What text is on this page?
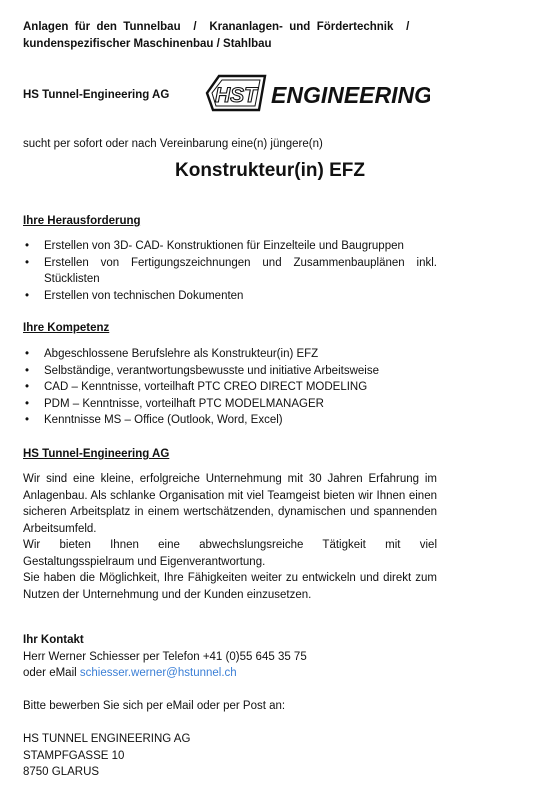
Anlagen  für  den  Tunnelbau    /    Krananlagen-  und  Fördertechnik    /
kundenspezifischer Maschinenbau / Stahlbau
HS Tunnel-Engineering AG	HST ENGINEERING
sucht per sofort oder nach Vereinbarung eine(n) jüngere(n)
Konstrukteur(in) EFZ
Ihre Herausforderung
• Erstellen von 3D- CAD- Konstruktionen für Einzelteile und Baugruppen
• Erstellen von Fertigungszeichnungen und Zusammenbauplänen inkl. Stücklisten
• Erstellen von technischen Dokumenten
Ihre Kompetenz
• Abgeschlossene Berufslehre als Konstrukteur(in) EFZ
• Selbständige, verantwortungsbewusste und initiative Arbeitsweise
• CAD – Kenntnisse, vorteilhaft PTC CREO DIRECT MODELING
• PDM – Kenntnisse, vorteilhaft PTC MODELMANAGER
• Kenntnisse MS – Office (Outlook, Word, Excel)
HS Tunnel-Engineering AG
Wir sind eine kleine, erfolgreiche Unternehmung mit 30 Jahren Erfahrung im Anlagenbau. Als schlanke Organisation mit viel Teamgeist bieten wir Ihnen einen sicheren Arbeitsplatz in einem wertschätzenden, dynamischen und spannenden Arbeitsumfeld.
Wir bieten Ihnen eine abwechslungsreiche Tätigkeit mit viel Gestaltungsspielraum und Eigenverantwortung.
Sie haben die Möglichkeit, Ihre Fähigkeiten weiter zu entwickeln und direkt zum Nutzen der Unternehmung und der Kunden einzusetzen.
Ihr Kontakt
Herr Werner Schiesser per Telefon +41 (0)55 645 35 75
oder eMail schiesser.werner@hstunnel.ch
Bitte bewerben Sie sich per eMail oder per Post an:
HS TUNNEL ENGINEERING AG
STAMPFGASSE 10
8750 GLARUS
